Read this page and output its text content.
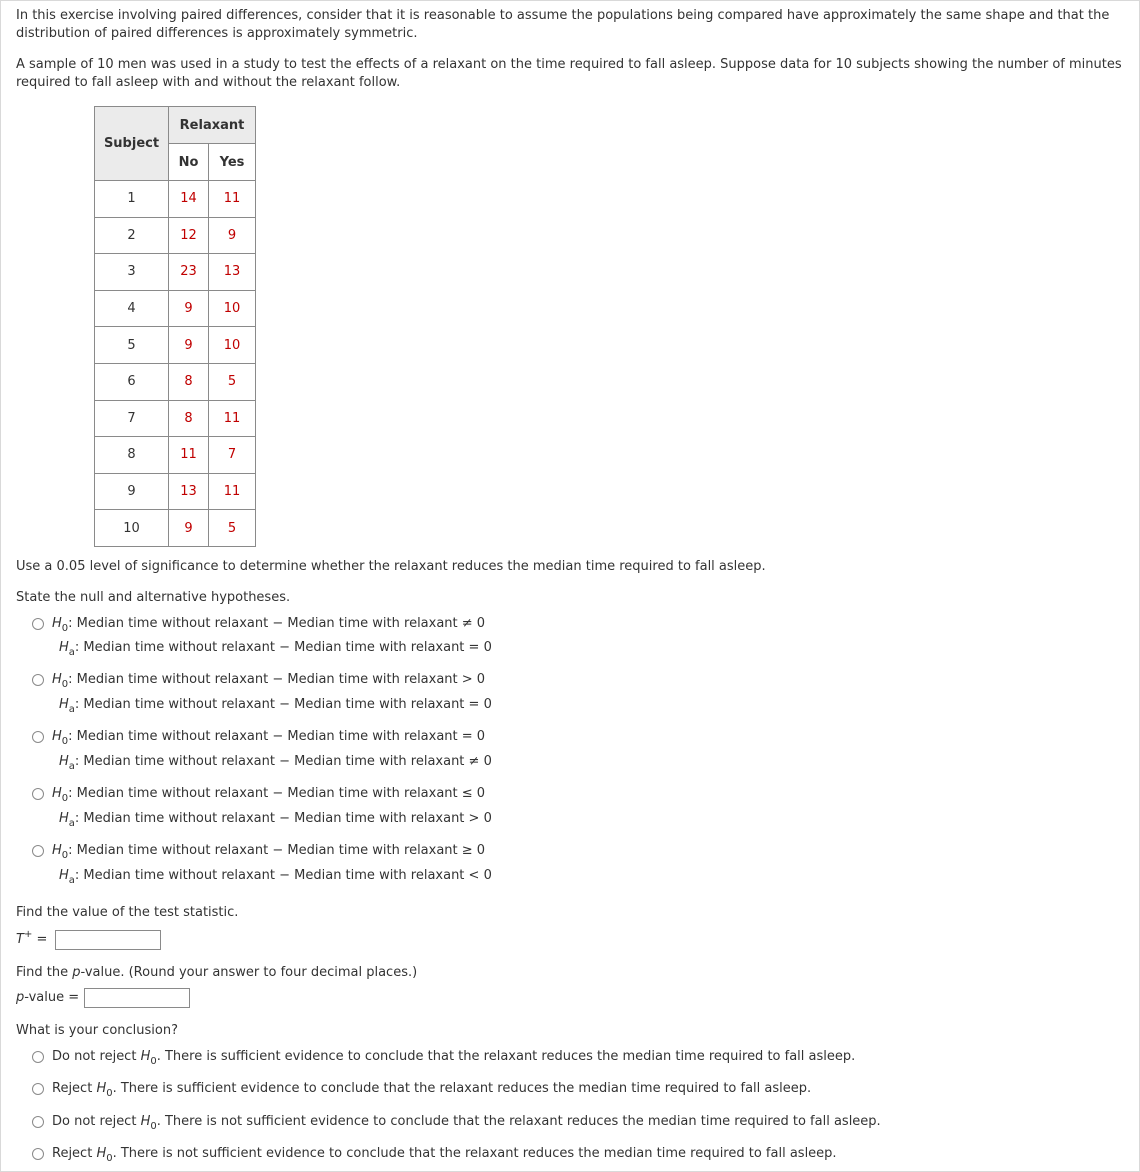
In this exercise involving paired differences, consider that it is reasonable to assume the populations being compared have approximately the same shape and that the distribution of paired differences is approximately symmetric.

A sample of 10 men was used in a study to test the effects of a relaxant on the time required to fall asleep. Suppose data for 10 subjects showing the number of minutes required to fall asleep with and without the relaxant follow.

Subject	Relaxant	
	No	Yes
1	14	11
2	12	9
3	23	13
4	9	10
5	9	10
6	8	5
7	8	11
8	11	7
9	13	11
10	9	5

Use a 0.05 level of significance to determine whether the relaxant reduces the median time required to fall asleep.

State the null and alternative hypotheses.

$H_0$: Median time without relaxant − Median time with relaxant ≠ 0
$H_a$: Median time without relaxant − Median time with relaxant = 0
$H_0$: Median time without relaxant − Median time with relaxant > 0
$H_a$: Median time without relaxant − Median time with relaxant = 0
$H_0$: Median time without relaxant − Median time with relaxant = 0
$H_a$: Median time without relaxant − Median time with relaxant ≠ 0
$H_0$: Median time without relaxant − Median time with relaxant ≤ 0
$H_a$: Median time without relaxant − Median time with relaxant > 0
$H_0$: Median time without relaxant − Median time with relaxant ≥ 0
$H_a$: Median time without relaxant − Median time with relaxant < 0

Find the value of the test statistic.

T+ =

Find the p-value. (Round your answer to four decimal places.)

p-value =

What is your conclusion?

Do not reject $H_0$. There is sufficient evidence to conclude that the relaxant reduces the median time required to fall asleep.
Reject $H_0$. There is sufficient evidence to conclude that the relaxant reduces the median time required to fall asleep.
Do not reject $H_0$. There is not sufficient evidence to conclude that the relaxant reduces the median time required to fall asleep.
Reject $H_0$. There is not sufficient evidence to conclude that the relaxant reduces the median time required to fall asleep.
